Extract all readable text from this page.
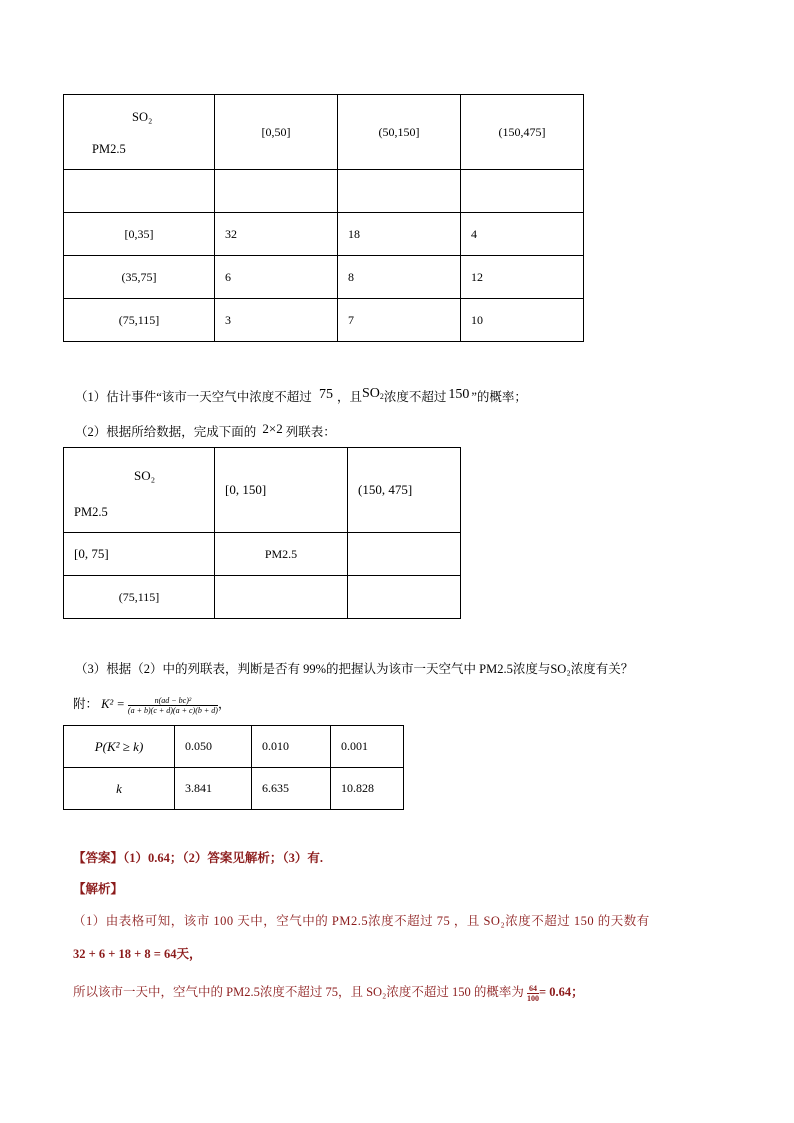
SO₂
PM2.5	[0,50]	(50,150]	(150,475]

[0,35]	32	18	4
(35,75]	6	8	12
(75,115]	3	7	10
（1）估计事件“该市一天空气中浓度不超过 75 ，且$SO_2$浓度不超过 150 ”的概率；
（2）根据所给数据，完成下面的 2×2 列联表：
SO₂
PM2.5	[0, 150]	(150, 475]
[0, 75]	PM2.5	
(75,115]		
（3）根据（2）中的列联表，判断是否有 99%的把握认为该市一天空气中 PM2.5浓度与SO₂浓度有关？
附： $K^2 = \frac{\text{n(ad − bc)²}}{(a + b)(c + d)(a + c)(b + d)}$ ，
P(K² ≥ k)	0.050	0.010	0.001
k	3.841	6.635	10.828
【答案】（1）0.64；（2）答案见解析；（3）有.
【解析】
（1）由表格可知，该市 100 天中，空气中的 PM2.5浓度不超过 75 ，且 SO₂浓度不超过 150 的天数有
32 + 6 + 18 + 8 = 64天，
所以该市一天中，空气中的 PM2.5浓度不超过 75，且 SO₂浓度不超过 150 的概率为 $\frac{64}{100} = 0.64$；
